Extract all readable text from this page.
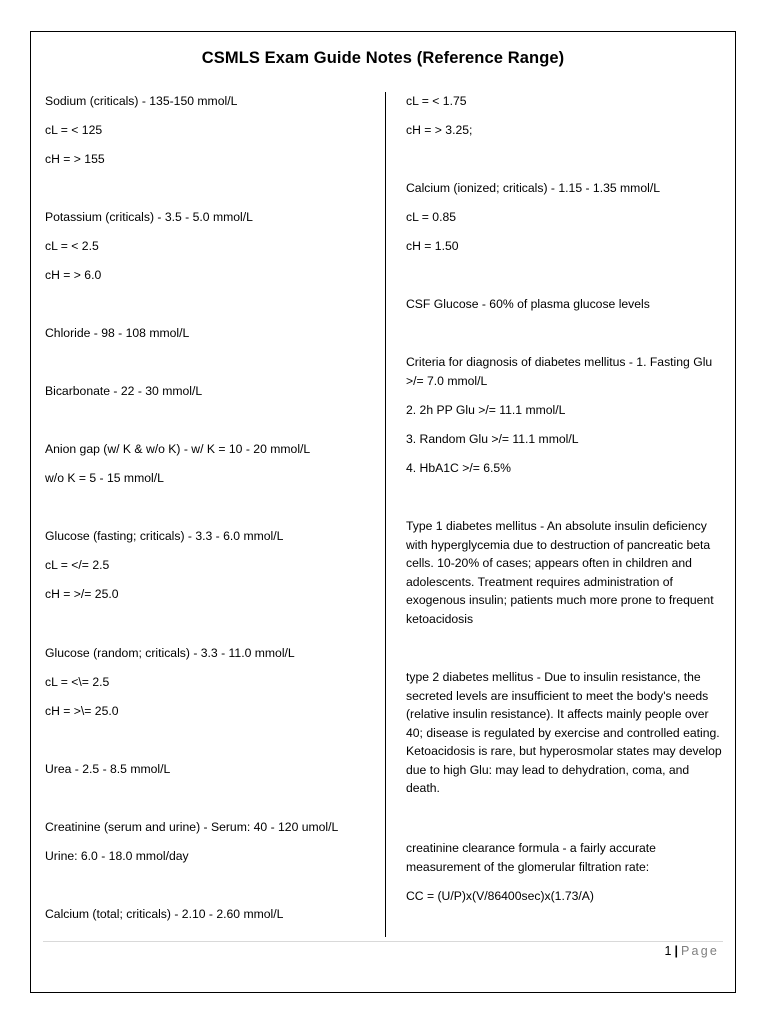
CSMLS Exam Guide Notes (Reference Range)
Sodium (criticals) - 135-150 mmol/L
cL = < 125
cH = > 155
Potassium (criticals) - 3.5 - 5.0 mmol/L
cL = < 2.5
cH = > 6.0
Chloride - 98 - 108 mmol/L
Bicarbonate - 22 - 30 mmol/L
Anion gap (w/ K & w/o K) - w/ K = 10 - 20 mmol/L
w/o K = 5 - 15 mmol/L
Glucose (fasting; criticals) - 3.3 - 6.0 mmol/L
cL = </= 2.5
cH = >/= 25.0
Glucose (random; criticals) - 3.3 - 11.0 mmol/L
cL = <\= 2.5
cH = >\= 25.0
Urea - 2.5 - 8.5 mmol/L
Creatinine (serum and urine) - Serum: 40 - 120 umol/L
Urine: 6.0 - 18.0 mmol/day
Calcium (total; criticals) - 2.10 - 2.60 mmol/L
cL = < 1.75
cH = > 3.25;
Calcium (ionized; criticals) - 1.15 - 1.35 mmol/L
cL = 0.85
cH = 1.50
CSF Glucose - 60% of plasma glucose levels
Criteria for diagnosis of diabetes mellitus - 1. Fasting Glu >/= 7.0 mmol/L
2. 2h PP Glu >/= 11.1 mmol/L
3. Random Glu >/= 11.1 mmol/L
4. HbA1C >/= 6.5%
Type 1 diabetes mellitus - An absolute insulin deficiency with hyperglycemia due to destruction of pancreatic beta cells. 10-20% of cases; appears often in children and adolescents. Treatment requires administration of exogenous insulin; patients much more prone to frequent ketoacidosis
type 2 diabetes mellitus - Due to insulin resistance, the secreted levels are insufficient to meet the body's needs (relative insulin resistance). It affects mainly people over 40; disease is regulated by exercise and controlled eating. Ketoacidosis is rare, but hyperosmolar states may develop due to high Glu: may lead to dehydration, coma, and death.
creatinine clearance formula - a fairly accurate measurement of the glomerular filtration rate:
CC = (U/P)x(V/86400sec)x(1.73/A)
1 | Page
